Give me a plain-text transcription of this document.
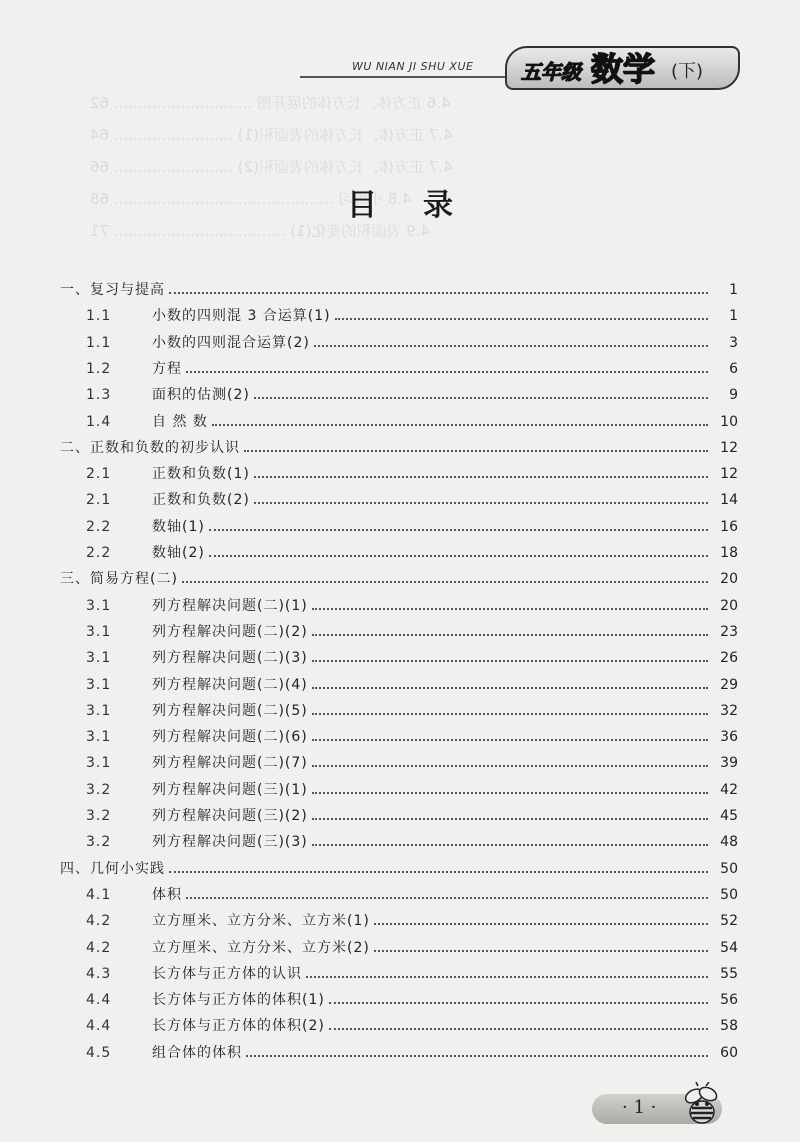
4.6 正方体、长方体的展开图 ............................. 62
4.7 正方体、长方体的表面积(1) ......................... 64
4.7 正方体、长方体的表面积(2) ......................... 66
4.8 小练习 .............................................. 68
4.9 表面积的变化(1) .................................... 71
WU NIAN JI SHU XUE 五年级 数学 (下)
目录
一、复习与提高	1
1.1	小数的四则混 3 合运算(1)	1
1.1	小数的四则混合运算(2)	3
1.2	方程	6
1.3	面积的估测(2)	9
1.4	自 然 数	10
二、正数和负数的初步认识	12
2.1	正数和负数(1)	12
2.1	正数和负数(2)	14
2.2	数轴(1)	16
2.2	数轴(2)	18
三、简易方程(二)	20
3.1	列方程解决问题(二)(1)	20
3.1	列方程解决问题(二)(2)	23
3.1	列方程解决问题(二)(3)	26
3.1	列方程解决问题(二)(4)	29
3.1	列方程解决问题(二)(5)	32
3.1	列方程解决问题(二)(6)	36
3.1	列方程解决问题(二)(7)	39
3.2	列方程解决问题(三)(1)	42
3.2	列方程解决问题(三)(2)	45
3.2	列方程解决问题(三)(3)	48
四、几何小实践	50
4.1	体积	50
4.2	立方厘米、立方分米、立方米(1)	52
4.2	立方厘米、立方分米、立方米(2)	54
4.3	长方体与正方体的认识	55
4.4	长方体与正方体的体积(1)	56
4.4	长方体与正方体的体积(2)	58
4.5	组合体的体积	60
· 1 ·
